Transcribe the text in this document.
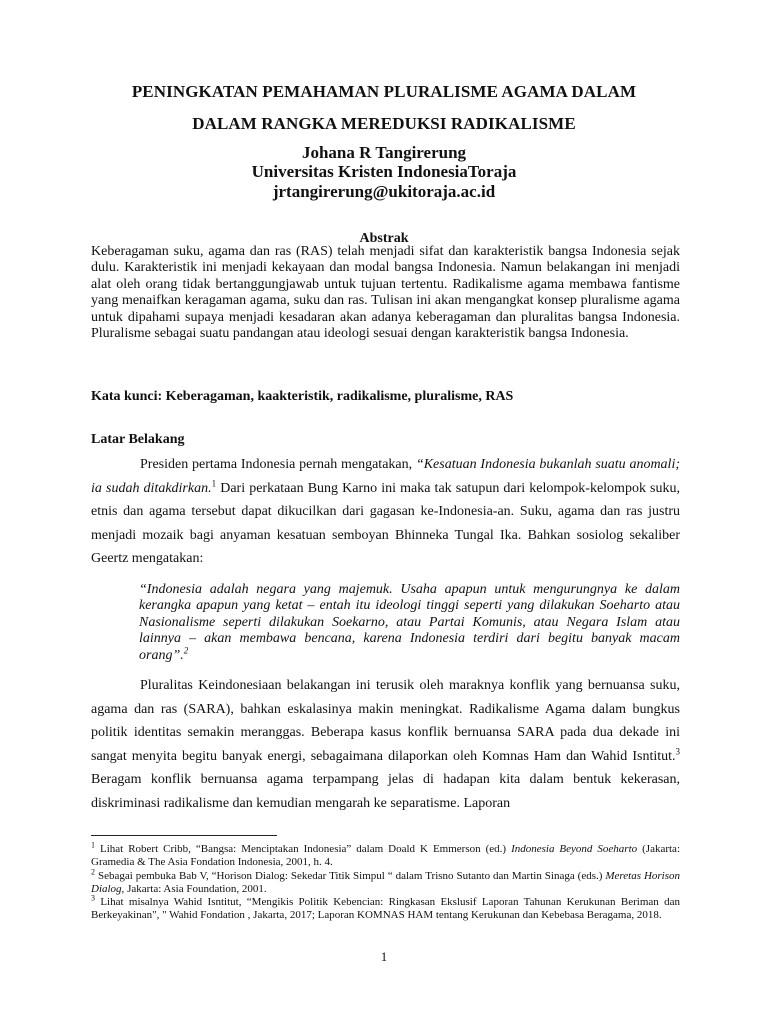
PENINGKATAN PEMAHAMAN PLURALISME AGAMA DALAM
DALAM RANGKA MEREDUKSI RADIKALISME
Johana R Tangirerung
Universitas Kristen IndonesiaToraja
jrtangirerung@ukitoraja.ac.id
Abstrak
Keberagaman suku, agama dan ras (RAS) telah menjadi sifat dan karakteristik bangsa Indonesia sejak dulu. Karakteristik ini menjadi kekayaan dan modal bangsa Indonesia. Namun belakangan ini menjadi alat oleh orang tidak bertanggungjawab untuk tujuan tertentu. Radikalisme agama membawa fantisme yang menaifkan keragaman agama, suku dan ras. Tulisan ini akan mengangkat konsep pluralisme agama untuk dipahami supaya menjadi kesadaran akan adanya keberagaman dan pluralitas bangsa Indonesia. Pluralisme sebagai suatu pandangan atau ideologi sesuai dengan karakteristik bangsa Indonesia.
Kata kunci: Keberagaman, kaakteristik, radikalisme, pluralisme, RAS
Latar Belakang
Presiden pertama Indonesia pernah mengatakan, “Kesatuan Indonesia bukanlah suatu anomali; ia sudah ditakdirkan.$^1$ Dari perkataan Bung Karno ini maka tak satupun dari kelompok-kelompok suku, etnis dan agama tersebut dapat dikucilkan dari gagasan ke-Indonesia-an. Suku, agama dan ras justru menjadi mozaik bagi anyaman kesatuan semboyan Bhinneka Tungal Ika. Bahkan sosiolog sekaliber Geertz mengatakan:
“Indonesia adalah negara yang majemuk. Usaha apapun untuk mengurungnya ke dalam kerangka apapun yang ketat – entah itu ideologi tinggi seperti yang dilakukan Soeharto atau Nasionalisme seperti dilakukan Soekarno, atau Partai Komunis, atau Negara Islam atau lainnya – akan membawa bencana, karena Indonesia terdiri dari begitu banyak macam orang”.$^2$
Pluralitas Keindonesiaan belakangan ini terusik oleh maraknya konflik yang bernuansa suku, agama dan ras (SARA), bahkan eskalasinya makin meningkat. Radikalisme Agama dalam bungkus politik identitas semakin meranggas. Beberapa kasus konflik bernuansa SARA pada dua dekade ini sangat menyita begitu banyak energi, sebagaimana dilaporkan oleh Komnas Ham dan Wahid Isntitut.$^3$ Beragam konflik bernuansa agama terpampang jelas di hadapan kita dalam bentuk kekerasan, diskriminasi radikalisme dan kemudian mengarah ke separatisme. Laporan
$^1$ Lihat Robert Cribb, “Bangsa: Menciptakan Indonesia” dalam Doald K Emmerson (ed.) Indonesia Beyond Soeharto (Jakarta: Gramedia & The Asia Fondation Indonesia, 2001, h. 4.
$^2$ Sebagai pembuka Bab V, “Horison Dialog: Sekedar Titik Simpul “ dalam Trisno Sutanto dan Martin Sinaga (eds.) Meretas Horison Dialog, Jakarta: Asia Foundation, 2001.
$^3$ Lihat misalnya Wahid Isntitut, “Mengikis Politik Kebencian: Ringkasan Ekslusif Laporan Tahunan Kerukunan Beriman dan Berkeyakinan", " Wahid Fondation , Jakarta, 2017; Laporan KOMNAS HAM tentang Kerukunan dan Kebebasa Beragama, 2018.
1
